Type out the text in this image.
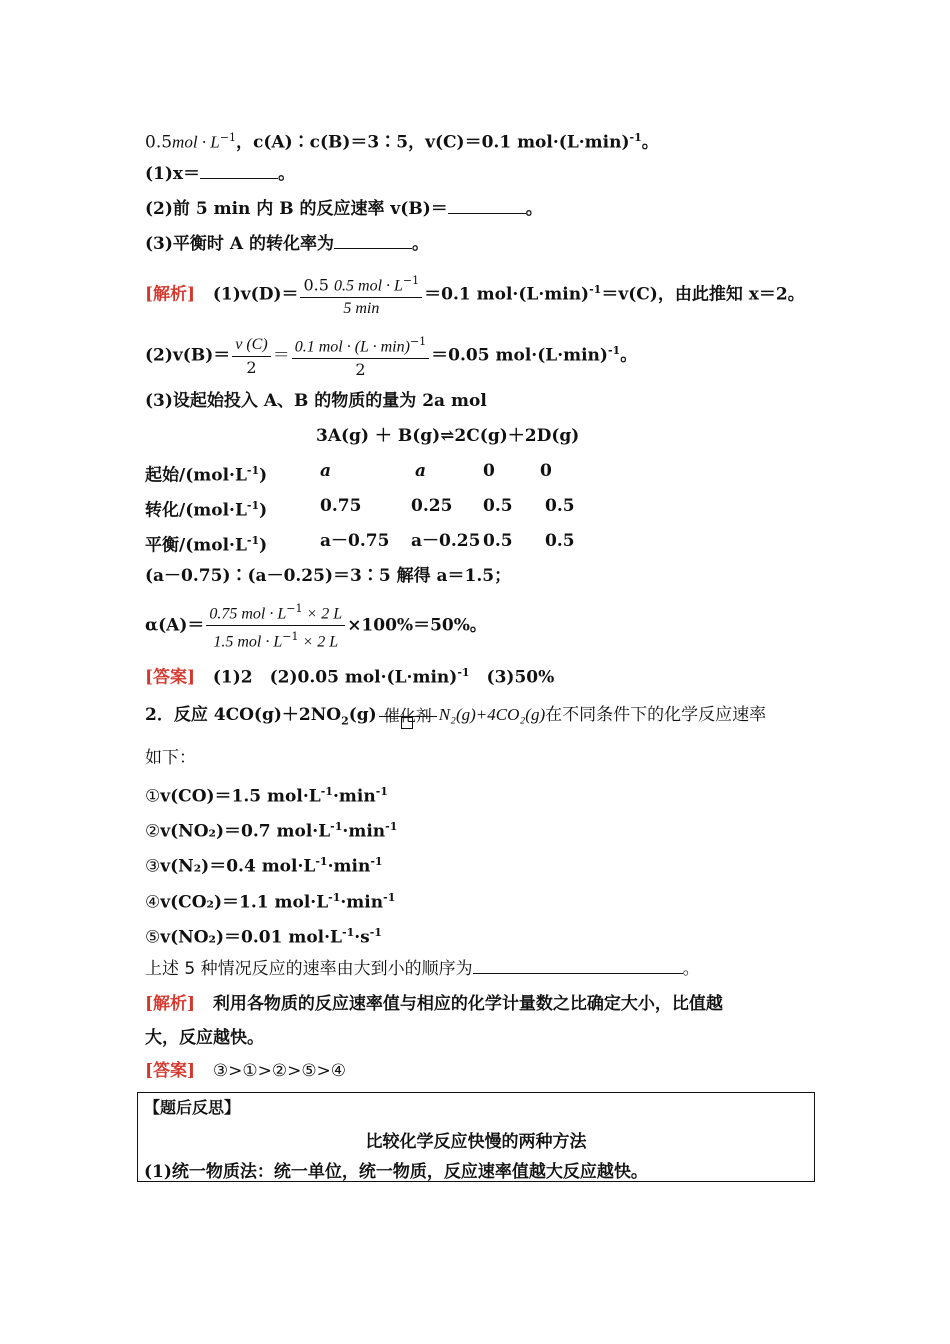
$0.5mol \cdot L^{-1}$，c(A)∶c(B)＝3∶5，v(C)＝0.1 $mol\cdot(L\cdot\min)^{-1}$。
(1)x＝	。
(2)前 5 min 内 B 的反应速率 v(B)＝	。
(3)平衡时 A 的转化率为	。
[解析] $(1)v(D)= \frac{0.5 0.5 mol \cdot L^{-1}}{5 \min} =0.1$ $mol\cdot(L\cdot\min)^{-1}=v(C)$，由此推知 x＝2。
$(2)v(B)= \frac{v (C)}{2} = \frac{0.1 mol \cdot (L \cdot \min)^{-1}}{2} =0.05$ $mol\cdot(L\cdot\min)^{-1}$。
(3)设起始投入 A、B 的物质的量为 2a mol
3A(g) ＋ B(g)⇌2C(g)＋2D(g)
起始$/(mol\cdot L^{-1})$	a	a	0	0
转化$/(mol\cdot L^{-1})$	0.75	0.25 0.5 0.5
平衡$/(mol\cdot L^{-1})$	a－0.75 a－0.25 0.5 0.5
(a－0.75)∶(a－0.25)＝3∶5 解得 a＝1.5；
$\alpha(A)= \frac{0.75 mol \cdot L^{-1} \times 2 L}{1.5 mol \cdot L^{-1} \times 2 L} \times 100\%=50\%$。
[答案] (1)2　(2)0.05 $mol\cdot(L\cdot\min)^{-1}$　(3)50%
2．反应 $4CO(g)+2NO_2(g)$ 催化剂 N₂(g)+4CO₂(g)在不同条件下的化学反应速率
如下：
①v(CO)＝1.5 $mol\cdot L^{-1}\cdot\min^{-1}$
②v(NO₂)＝0.7 $mol\cdot L^{-1}\cdot\min^{-1}$
③v(N₂)＝0.4 $mol\cdot L^{-1}\cdot\min^{-1}$
④v(CO₂)＝1.1 $mol\cdot L^{-1}\cdot\min^{-1}$
⑤v(NO₂)＝0.01 $mol\cdot L^{-1}\cdot s^{-1}$
上述 5 种情况反应的速率由大到小的顺序为	。
[解析] 利用各物质的反应速率值与相应的化学计量数之比确定大小，比值越
大，反应越快。
[答案] ③>①>②>⑤>④
【题后反思】
比较化学反应快慢的两种方法
(1)统一物质法：统一单位，统一物质，反应速率值越大反应越快。
